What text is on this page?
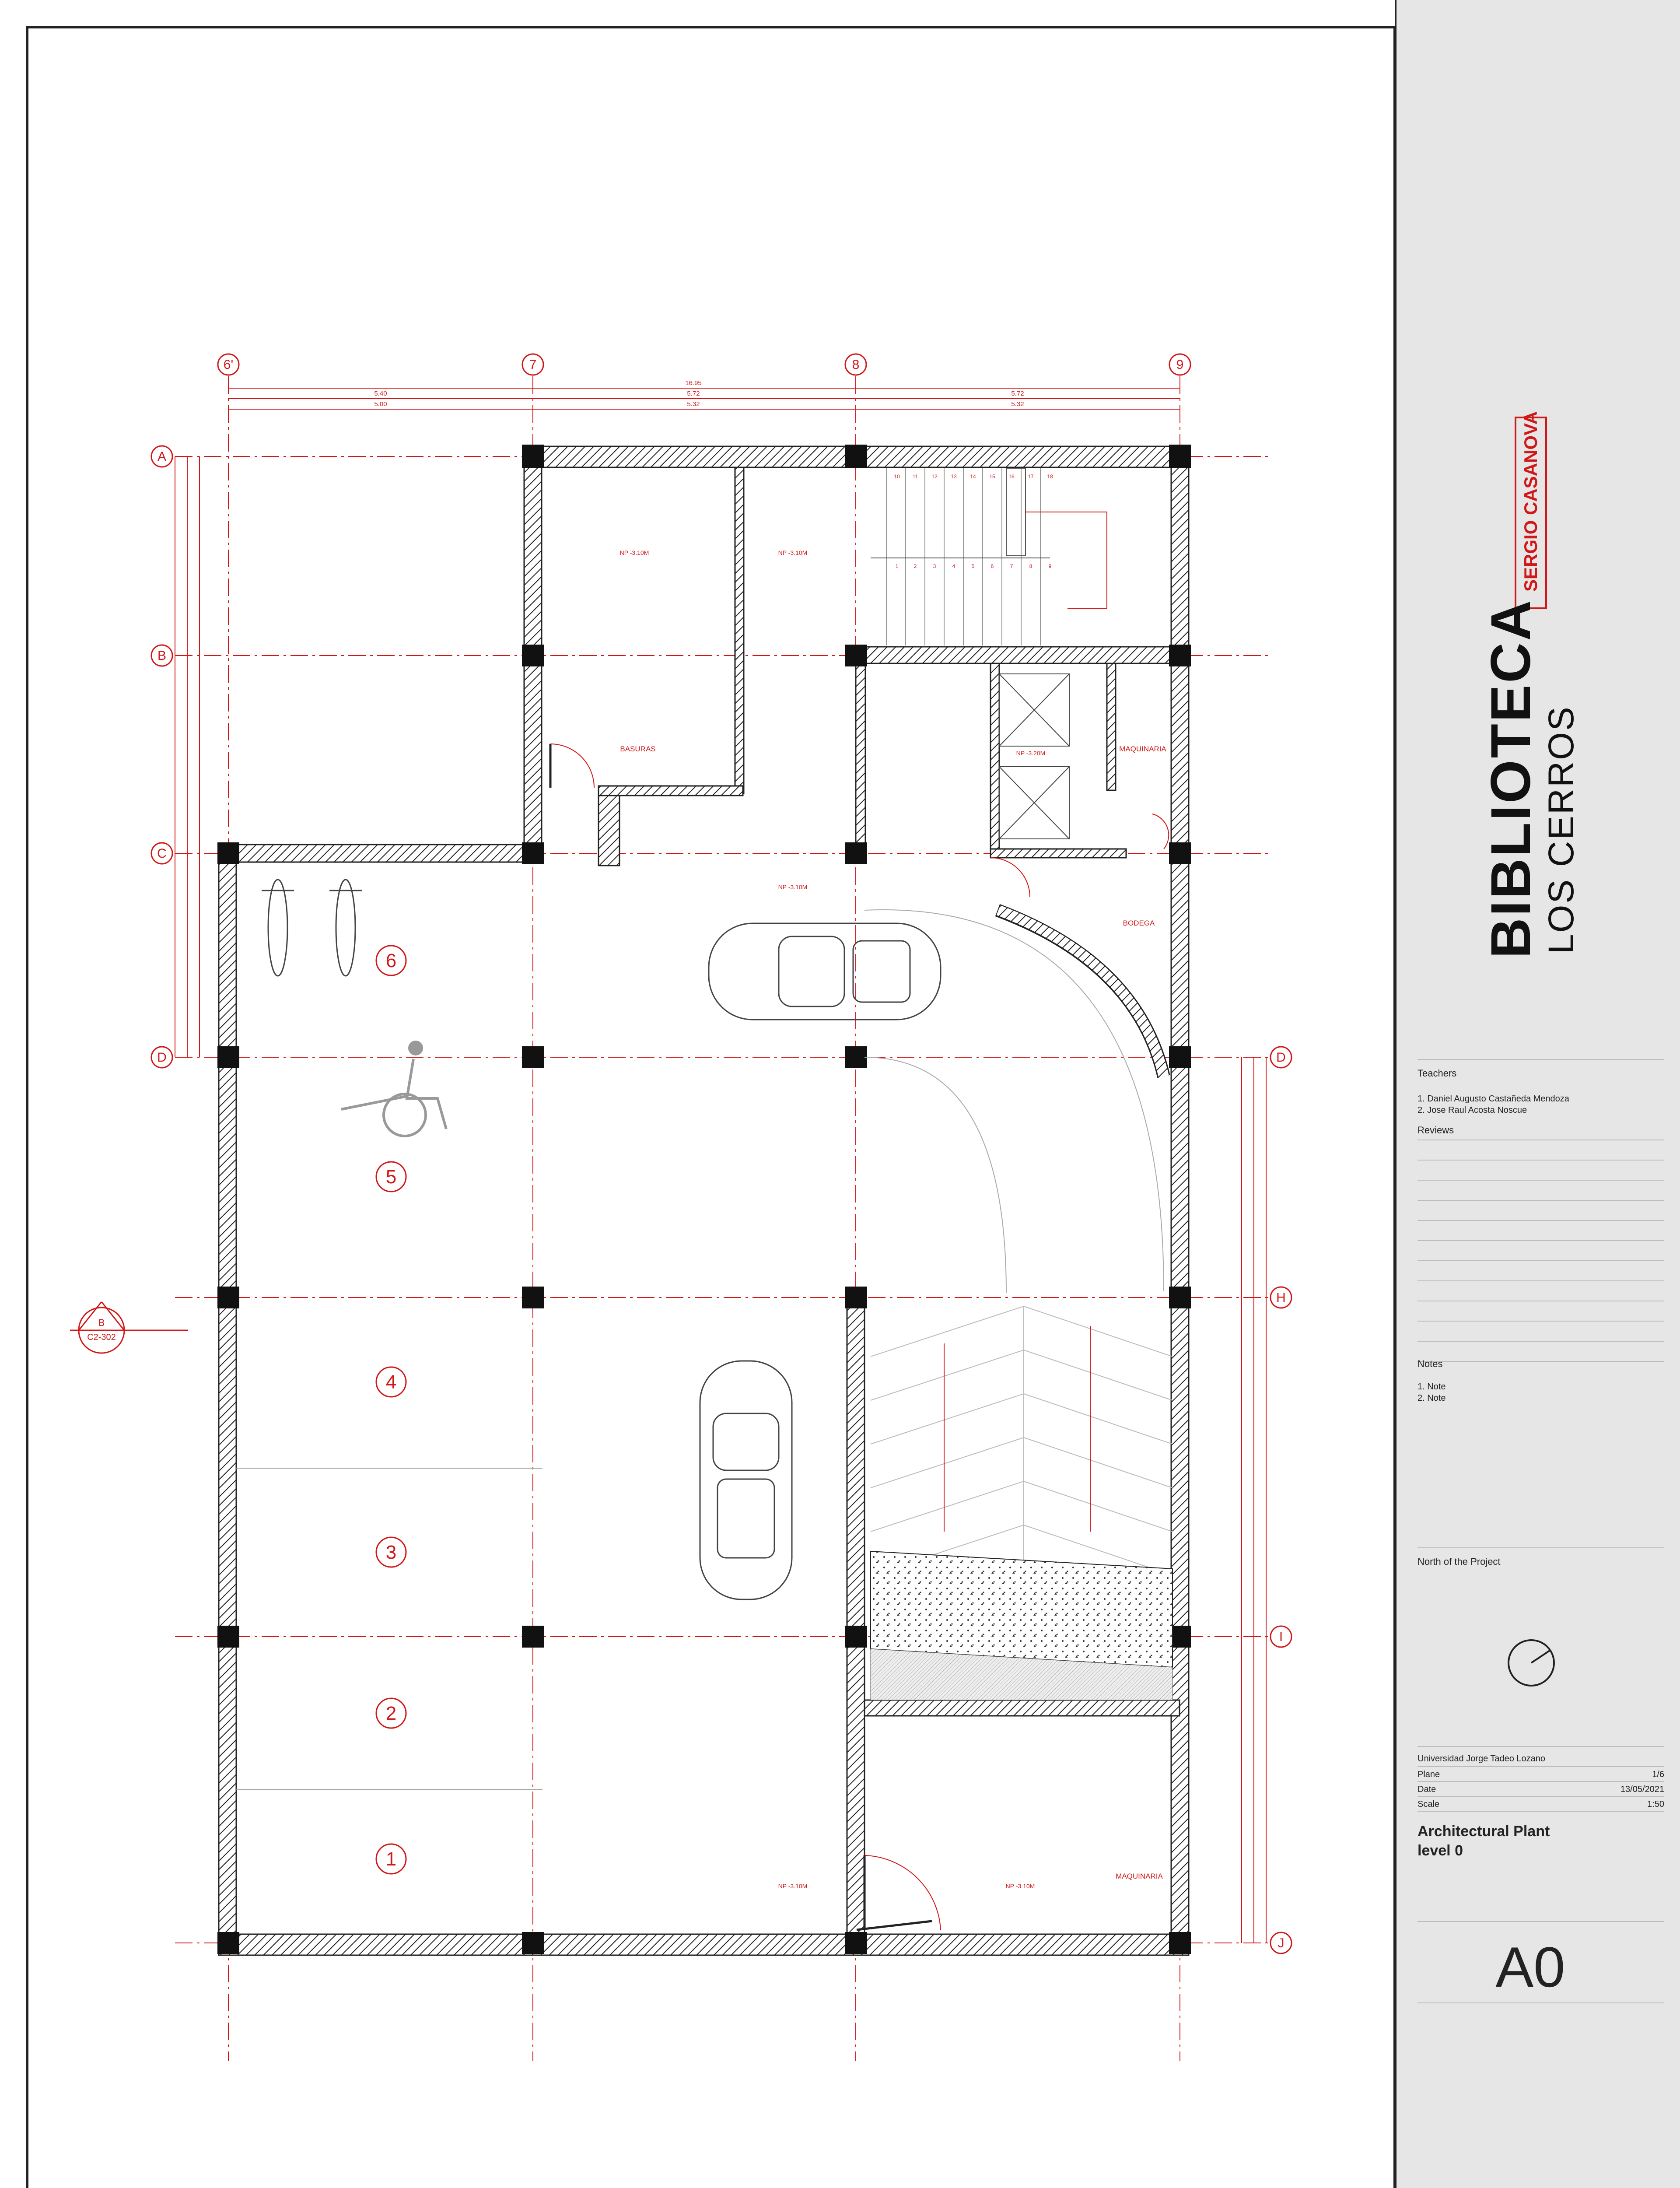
6'	7	8	9
A
B
C
D	D
H
I
J
16.95
5.40	5.72	5.72
5.00	5.32	5.32
10 11	12	13	14	15	16	17	18
1	2	3	4	5	6	7	8	9
6
5
4
3
2
1
BASURAS	MAQUINARIA
BODEGA
MAQUINARIA
NP -3.10M	NP -3.10M
NP -3.20M
NP -3.10M
NP -3.10M	NP -3.10M
B
C2-302
SERGIO CASANOVA
BIBLIOTECA
LOS CERROS
Teachers
1. Daniel Augusto Castañeda Mendoza
2. Jose Raul Acosta Noscue
Reviews
Notes
1. Note
2. Note
North of the Project
Universidad Jorge Tadeo Lozano
Plane	1/6
Date	13/05/2021
Scale	1:50
Architectural Plant
level 0
A0
